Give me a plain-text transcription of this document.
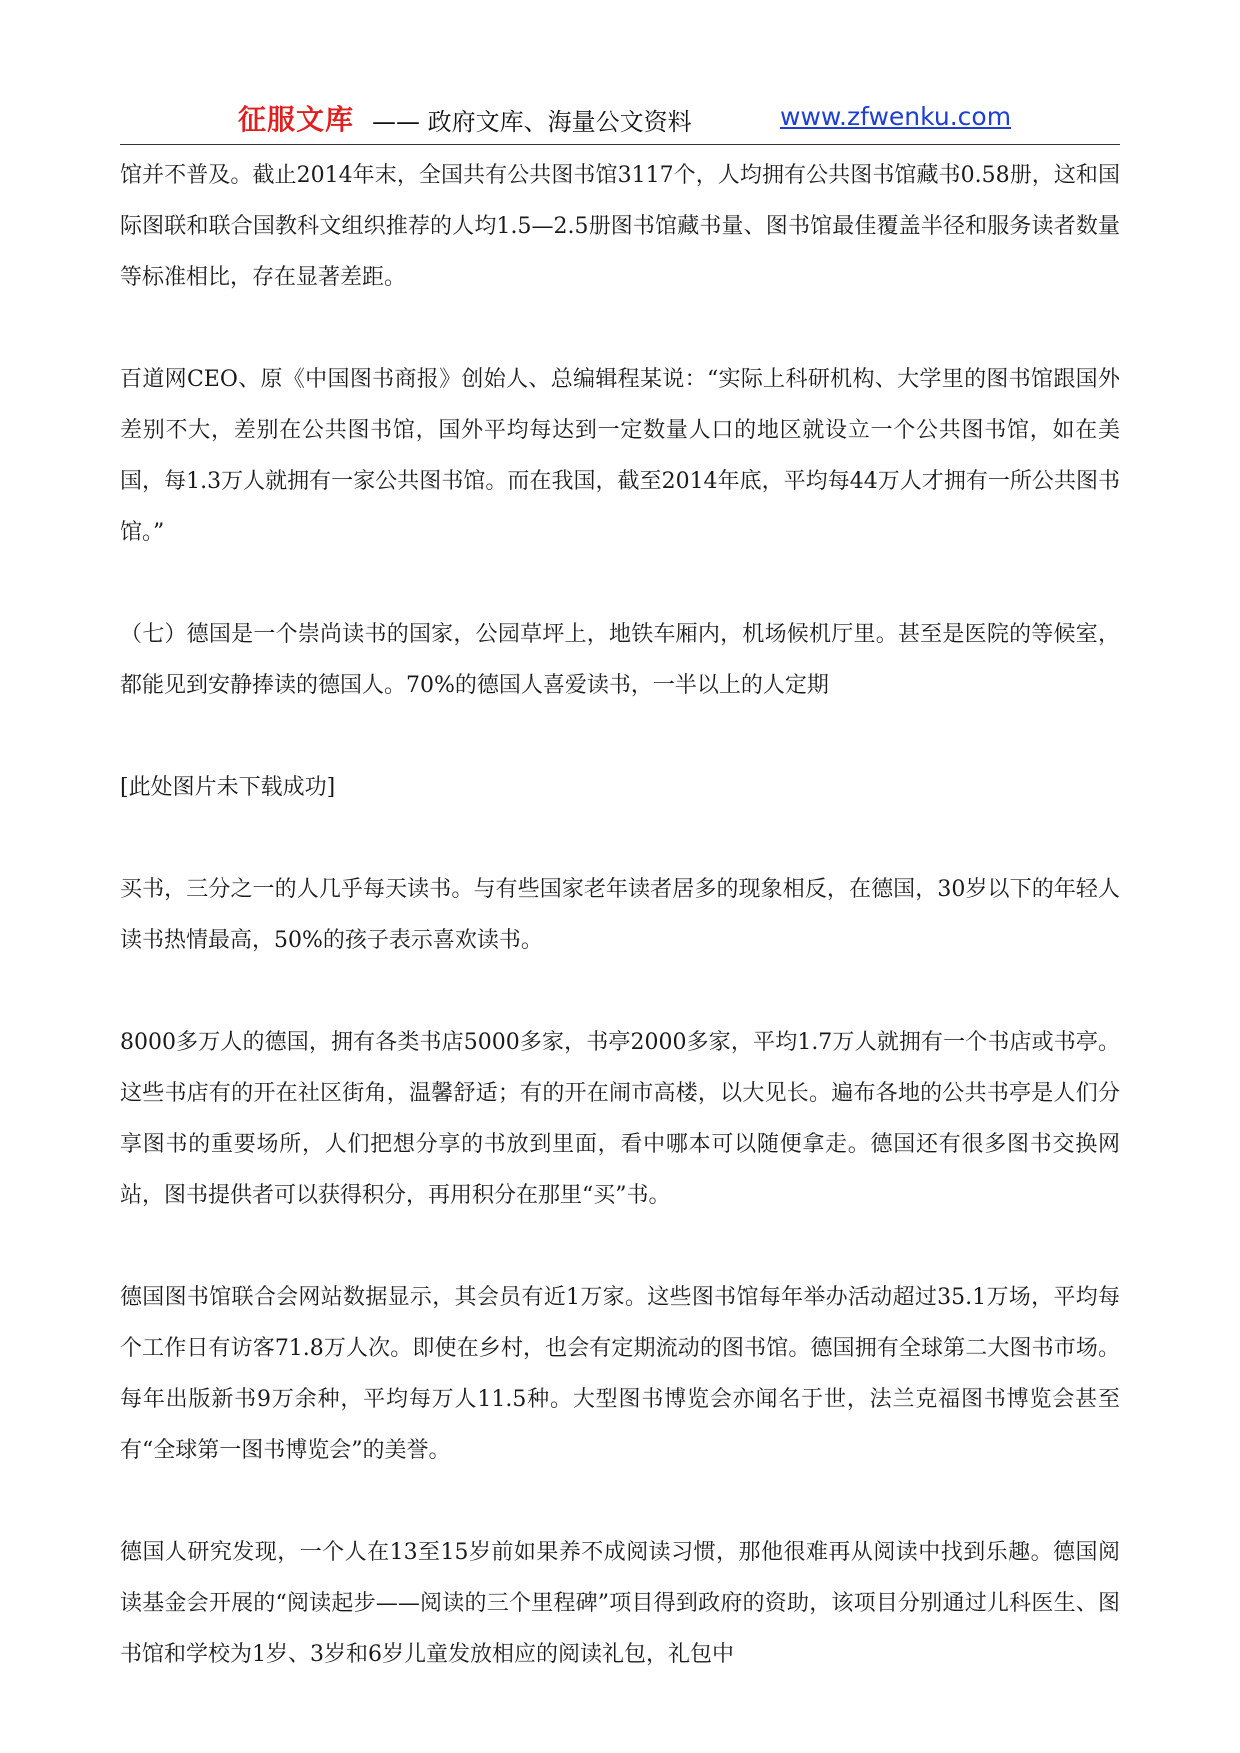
征服文库 —— 政府文库、海量公文资料	www.zfwenku.com

馆并不普及。截止2014年末，全国共有公共图书馆3117个，人均拥有公共图书馆藏书0.58册，这和国际图联和联合国教科文组织推荐的人均1.5—2.5册图书馆藏书量、图书馆最佳覆盖半径和服务读者数量等标准相比，存在显著差距。

百道网CEO、原《中国图书商报》创始人、总编辑程某说：“实际上科研机构、大学里的图书馆跟国外差别不大，差别在公共图书馆，国外平均每达到一定数量人口的地区就设立一个公共图书馆，如在美国，每1.3万人就拥有一家公共图书馆。而在我国，截至2014年底，平均每44万人才拥有一所公共图书馆。”

（七）德国是一个崇尚读书的国家，公园草坪上，地铁车厢内，机场候机厅里。甚至是医院的等候室，都能见到安静捧读的德国人。70%的德国人喜爱读书，一半以上的人定期

[此处图片未下载成功]

买书，三分之一的人几乎每天读书。与有些国家老年读者居多的现象相反，在德国，30岁以下的年轻人读书热情最高，50%的孩子表示喜欢读书。

8000多万人的德国，拥有各类书店5000多家，书亭2000多家，平均1.7万人就拥有一个书店或书亭。这些书店有的开在社区街角，温馨舒适；有的开在闹市高楼，以大见长。遍布各地的公共书亭是人们分享图书的重要场所，人们把想分享的书放到里面，看中哪本可以随便拿走。德国还有很多图书交换网站，图书提供者可以获得积分，再用积分在那里“买”书。

德国图书馆联合会网站数据显示，其会员有近1万家。这些图书馆每年举办活动超过35.1万场，平均每个工作日有访客71.8万人次。即使在乡村，也会有定期流动的图书馆。德国拥有全球第二大图书市场。每年出版新书9万余种，平均每万人11.5种。大型图书博览会亦闻名于世，法兰克福图书博览会甚至有“全球第一图书博览会”的美誉。

德国人研究发现，一个人在13至15岁前如果养不成阅读习惯，那他很难再从阅读中找到乐趣。德国阅读基金会开展的“阅读起步——阅读的三个里程碑”项目得到政府的资助，该项目分别通过儿科医生、图书馆和学校为1岁、3岁和6岁儿童发放相应的阅读礼包，礼包中
